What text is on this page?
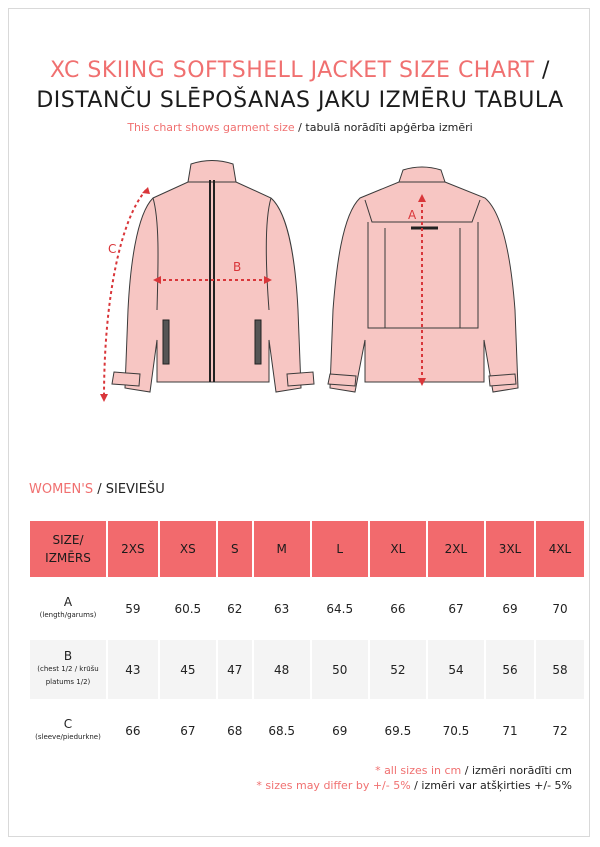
XC SKIING SOFTSHELL JACKET SIZE CHART /
DISTANČU SLĒPOŠANAS JAKU IZMĒRU TABULA
This chart shows garment size / tabulā norādīti apģērba izmēri
C
B
A
WOMEN'S / SIEVIEŠU
SIZE/
IZMĒRS	2XS	XS	S	M	L	XL	2XL	3XL	4XL

A
(length/garums)	59	60.5	62	63	64.5	66	67	69	70

B
(chest 1/2 / krūšu platums 1/2)	43	45	47	48	50	52	54	56	58

C
(sleeve/piedurkne)	66	67	68	68.5	69	69.5	70.5	71	72
* all sizes in cm / izmēri norādīti cm
* sizes may differ by +/- 5% / izmēri var atšķirties +/- 5%
